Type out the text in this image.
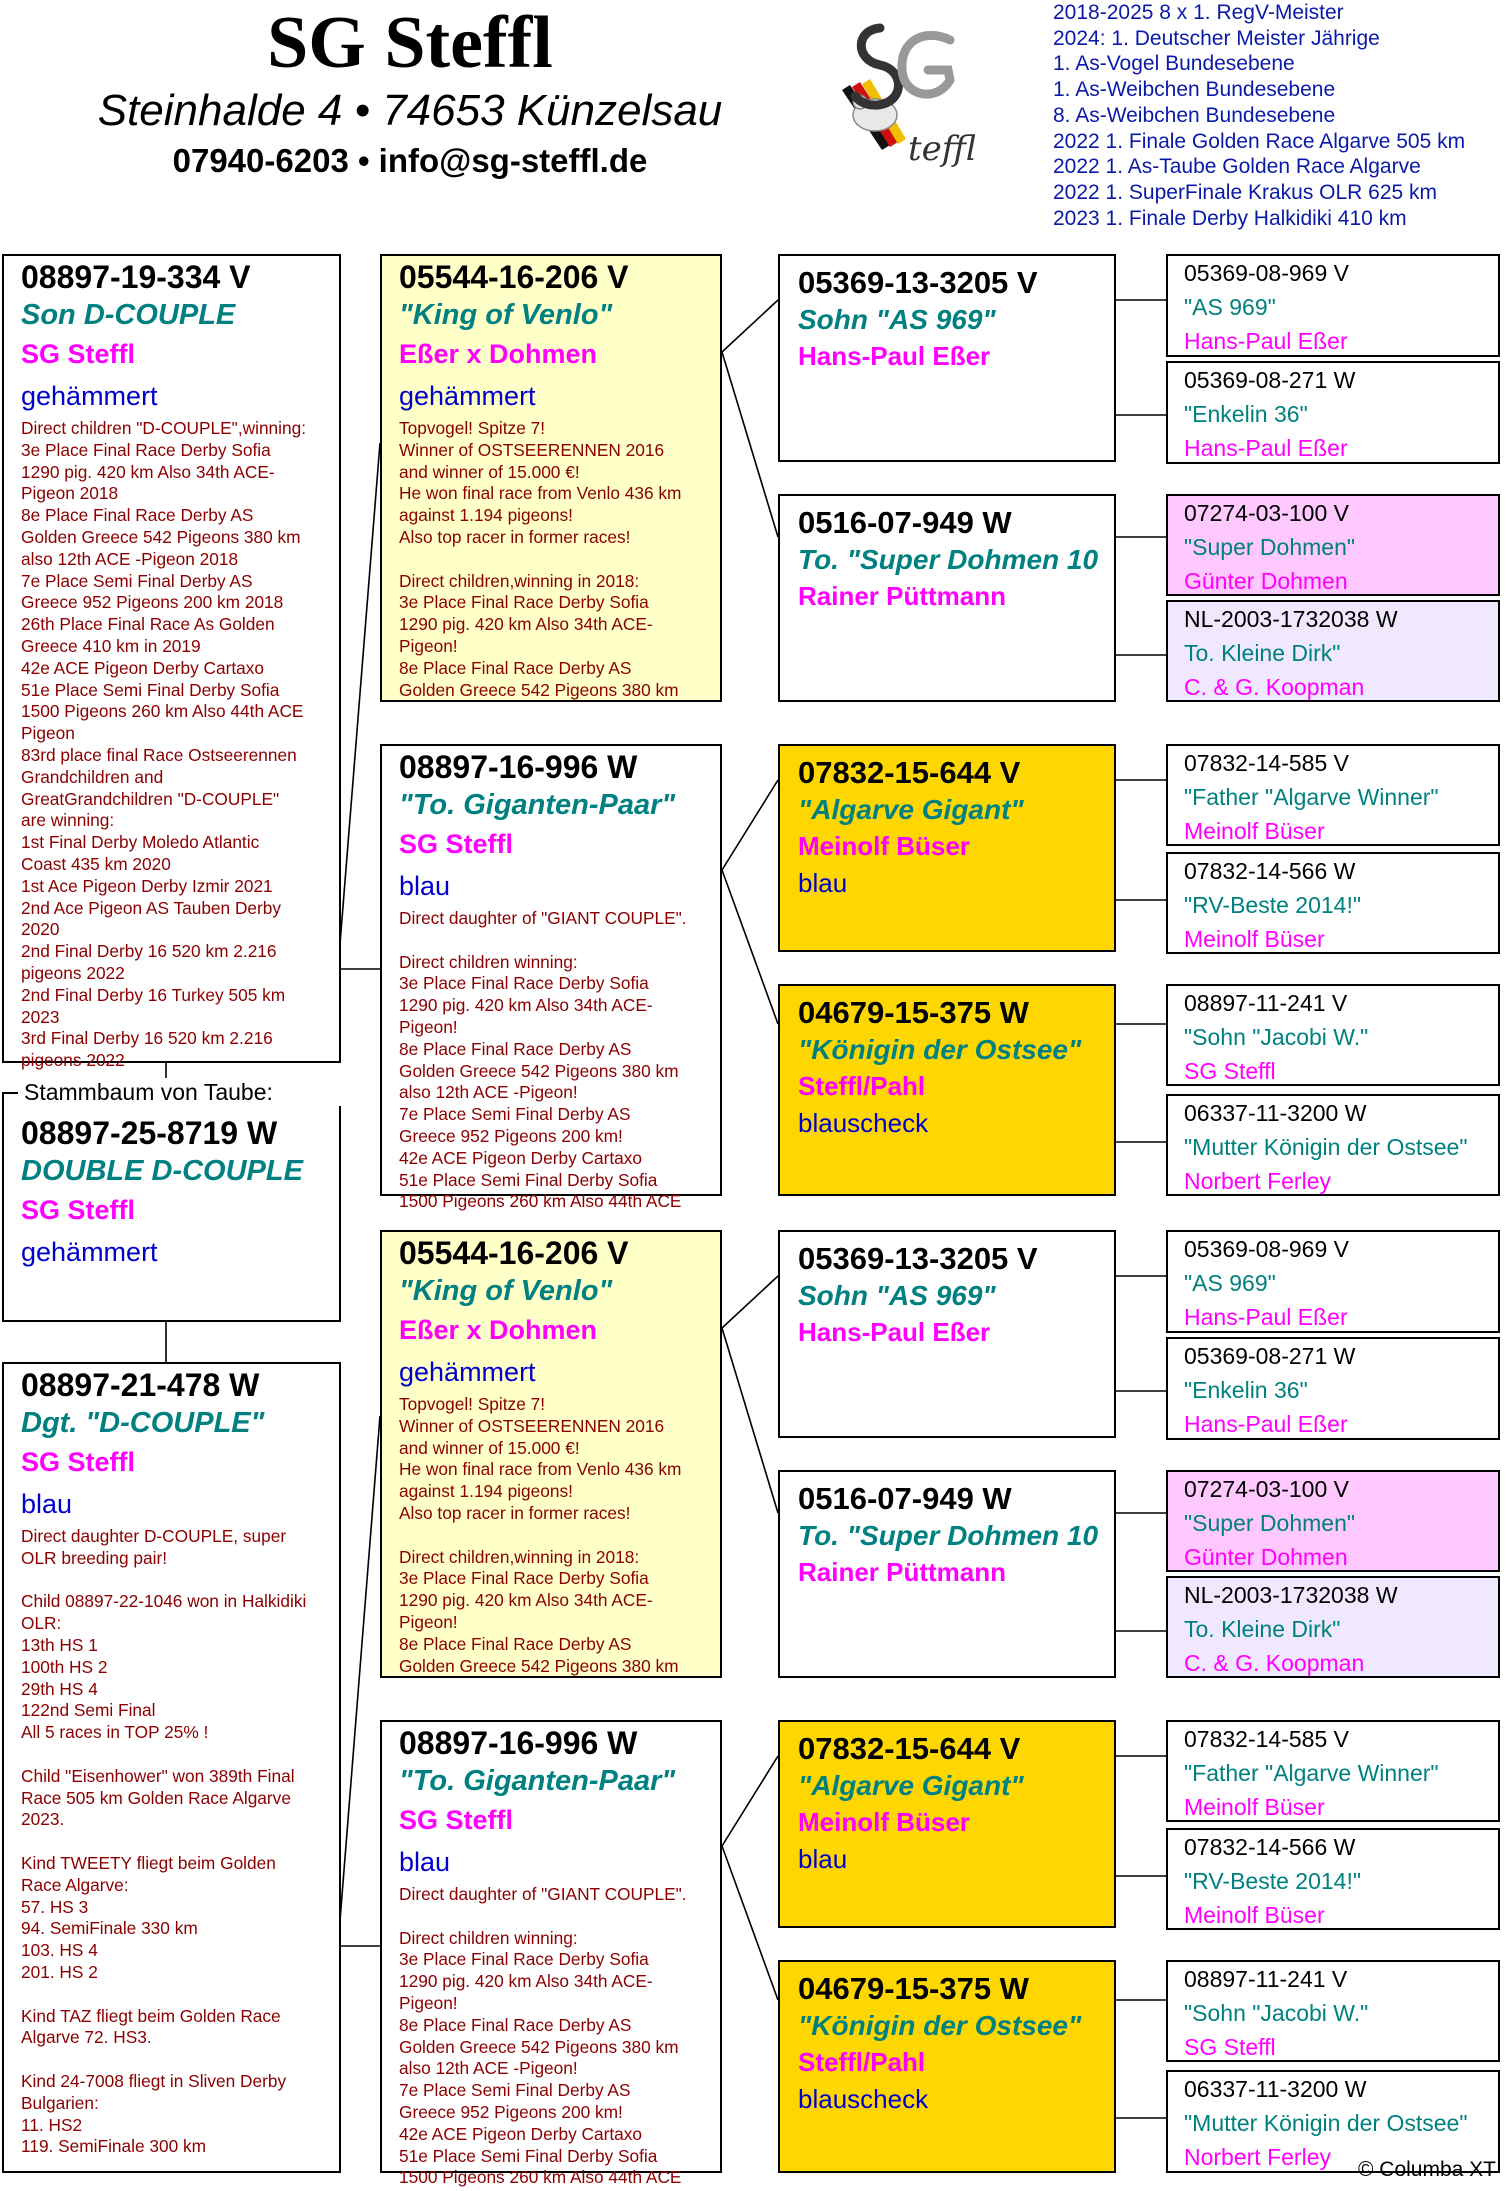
SG Steffl
Steinhalde 4 • 74653 Künzelsau
07940-6203 • info@sg-steffl.de	teffl
2018-2025 8 x 1. RegV-Meister
2024: 1. Deutscher Meister Jährige
1. As-Vogel Bundesebene
1. As-Weibchen Bundesebene
8. As-Weibchen Bundesebene
2022 1. Finale Golden Race Algarve 505 km
2022 1. As-Taube Golden Race Algarve
2022 1. SuperFinale Krakus OLR 625 km
2023 1. Finale Derby Halkidiki 410 km
08897-19-334 V
Son D-COUPLE
SG Steffl
gehämmert
Direct children "D-COUPLE",winning:
3e Place Final Race Derby Sofia
1290 pig. 420 km Also 34th ACE-
Pigeon 2018
8e Place Final Race Derby AS
Golden Greece 542 Pigeons 380 km
also 12th ACE -Pigeon 2018
7e Place Semi Final Derby AS
Greece 952 Pigeons 200 km 2018
26th Place Final Race As Golden
Greece 410 km in 2019
42e ACE Pigeon Derby Cartaxo
51e Place Semi Final Derby Sofia
1500 Pigeons 260 km Also 44th ACE
Pigeon
83rd place final Race Ostseerennen
Grandchildren and
GreatGrandchildren "D-COUPLE"
are winning:
1st Final Derby Moledo Atlantic
Coast 435 km 2020
1st Ace Pigeon Derby Izmir 2021
2nd Ace Pigeon AS Tauben Derby
2020
2nd Final Derby 16 520 km 2.216
pigeons 2022
2nd Final Derby 16 Turkey 505 km
2023
3rd Final Derby 16 520 km 2.216
pigeons 2022
08897-25-8719 W
DOUBLE D-COUPLE
SG Steffl
gehämmert
Stammbaum von Taube:
08897-21-478 W
Dgt. "D-COUPLE"
SG Steffl
blau
Direct daughter D-COUPLE, super
OLR breeding pair!
Child 08897-22-1046 won in Halkidiki
OLR:
13th HS 1
100th HS 2
29th HS 4
122nd Semi Final
All 5 races in TOP 25% !
Child "Eisenhower" won 389th Final
Race 505 km Golden Race Algarve
2023.
Kind TWEETY fliegt beim Golden
Race Algarve:
57. HS 3
94. SemiFinale 330 km
103. HS 4
201. HS 2
Kind TAZ fliegt beim Golden Race
Algarve 72. HS3.
Kind 24-7008 fliegt in Sliven Derby
Bulgarien:
11. HS2
119. SemiFinale 300 km
05544-16-206 V
"King of Venlo"
Eßer x Dohmen
gehämmert
Topvogel! Spitze 7!
Winner of OSTSEERENNEN 2016
and winner of 15.000 €!
He won final race from Venlo 436 km
against 1.194 pigeons!
Also top racer in former races!
Direct children,winning in 2018:
3e Place Final Race Derby Sofia
1290 pig. 420 km Also 34th ACE-
Pigeon!
8e Place Final Race Derby AS
Golden Greece 542 Pigeons 380 km
08897-16-996 W
"To. Giganten-Paar"
SG Steffl
blau
Direct daughter of "GIANT COUPLE".
Direct children winning:
3e Place Final Race Derby Sofia
1290 pig. 420 km Also 34th ACE-
Pigeon!
8e Place Final Race Derby AS
Golden Greece 542 Pigeons 380 km
also 12th ACE -Pigeon!
7e Place Semi Final Derby AS
Greece 952 Pigeons 200 km!
42e ACE Pigeon Derby Cartaxo
51e Place Semi Final Derby Sofia
1500 Pigeons 260 km Also 44th ACE
05544-16-206 V
"King of Venlo"
Eßer x Dohmen
gehämmert
Topvogel! Spitze 7!
Winner of OSTSEERENNEN 2016
and winner of 15.000 €!
He won final race from Venlo 436 km
against 1.194 pigeons!
Also top racer in former races!
Direct children,winning in 2018:
3e Place Final Race Derby Sofia
1290 pig. 420 km Also 34th ACE-
Pigeon!
8e Place Final Race Derby AS
Golden Greece 542 Pigeons 380 km
08897-16-996 W
"To. Giganten-Paar"
SG Steffl
blau
Direct daughter of "GIANT COUPLE".
Direct children winning:
3e Place Final Race Derby Sofia
1290 pig. 420 km Also 34th ACE-
Pigeon!
8e Place Final Race Derby AS
Golden Greece 542 Pigeons 380 km
also 12th ACE -Pigeon!
7e Place Semi Final Derby AS
Greece 952 Pigeons 200 km!
42e ACE Pigeon Derby Cartaxo
51e Place Semi Final Derby Sofia
1500 Pigeons 260 km Also 44th ACE
05369-13-3205 V
Sohn "AS 969"
Hans-Paul Eßer
0516-07-949 W
To. "Super Dohmen 10
Rainer Püttmann
07832-15-644 V
"Algarve Gigant"
Meinolf Büser
blau
04679-15-375 W
"Königin der Ostsee"
Steffl/Pahl
blauscheck
05369-13-3205 V
Sohn "AS 969"
Hans-Paul Eßer
0516-07-949 W
To. "Super Dohmen 10
Rainer Püttmann
07832-15-644 V
"Algarve Gigant"
Meinolf Büser
blau
04679-15-375 W
"Königin der Ostsee"
Steffl/Pahl
blauscheck
05369-08-969 V
"AS 969"
Hans-Paul Eßer
05369-08-271 W
"Enkelin 36"
Hans-Paul Eßer
07274-03-100 V
"Super Dohmen"
Günter Dohmen
NL-2003-1732038 W
To. Kleine Dirk"
C. & G. Koopman
07832-14-585 V
"Father "Algarve Winner"
Meinolf Büser
07832-14-566 W
"RV-Beste 2014!"
Meinolf Büser
08897-11-241 V
"Sohn "Jacobi W."
SG Steffl
06337-11-3200 W
"Mutter Königin der Ostsee"
Norbert Ferley
05369-08-969 V
"AS 969"
Hans-Paul Eßer
05369-08-271 W
"Enkelin 36"
Hans-Paul Eßer
07274-03-100 V
"Super Dohmen"
Günter Dohmen
NL-2003-1732038 W
To. Kleine Dirk"
C. & G. Koopman
07832-14-585 V
"Father "Algarve Winner"
Meinolf Büser
07832-14-566 W
"RV-Beste 2014!"
Meinolf Büser
08897-11-241 V
"Sohn "Jacobi W."
SG Steffl
06337-11-3200 W
"Mutter Königin der Ostsee"
Norbert Ferley	© Columba XT
